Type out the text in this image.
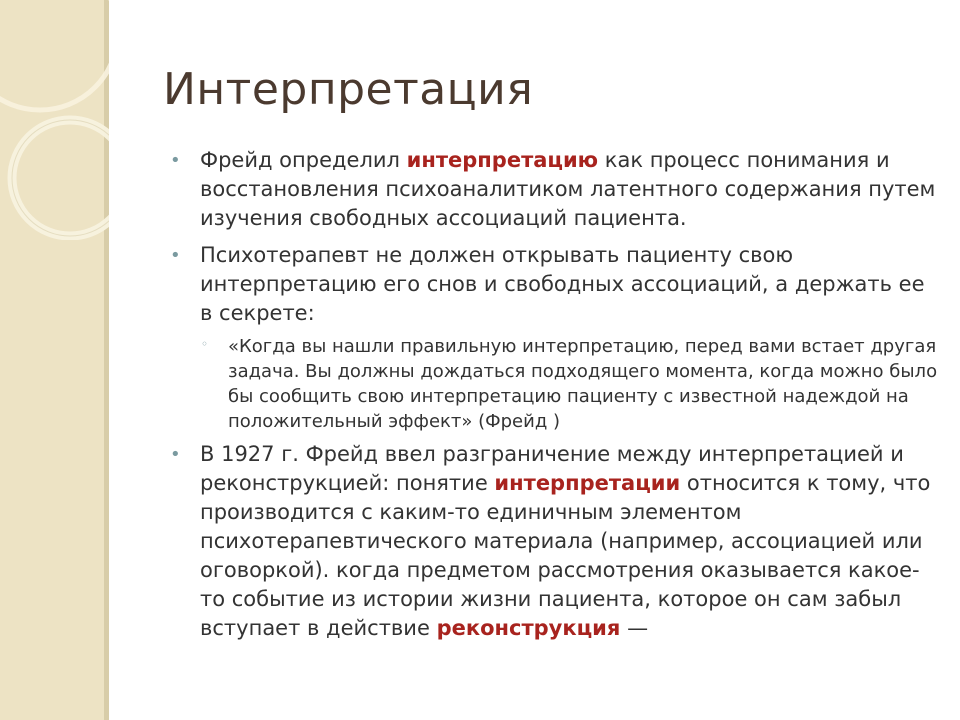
Интерпретация
• Фрейд определил интерпретацию как процесс понимания и восстановления психоаналитиком латентного содержания путем изучения свободных ассоциаций пациента.
• Психотерапевт не должен открывать пациенту свою интерпретацию его снов и свободных ассоциаций, а держать ее в секрете:
◦ «Когда вы нашли правильную интерпретацию, перед вами встает другая задача. Вы должны дождаться подходящего момента, когда можно было бы сообщить свою интерпретацию пациенту с известной надеждой на положительный эффект» (Фрейд )
• В 1927 г. Фрейд ввел разграничение между интерпретацией и реконструкцией: понятие интерпретации относится к тому, что производится с каким-то единичным элементом психотерапевтического материала (например, ассоциацией или оговоркой). когда предметом рассмотрения оказывается какое-то событие из истории жизни пациента, которое он сам забыл вступает в действие реконструкция —
